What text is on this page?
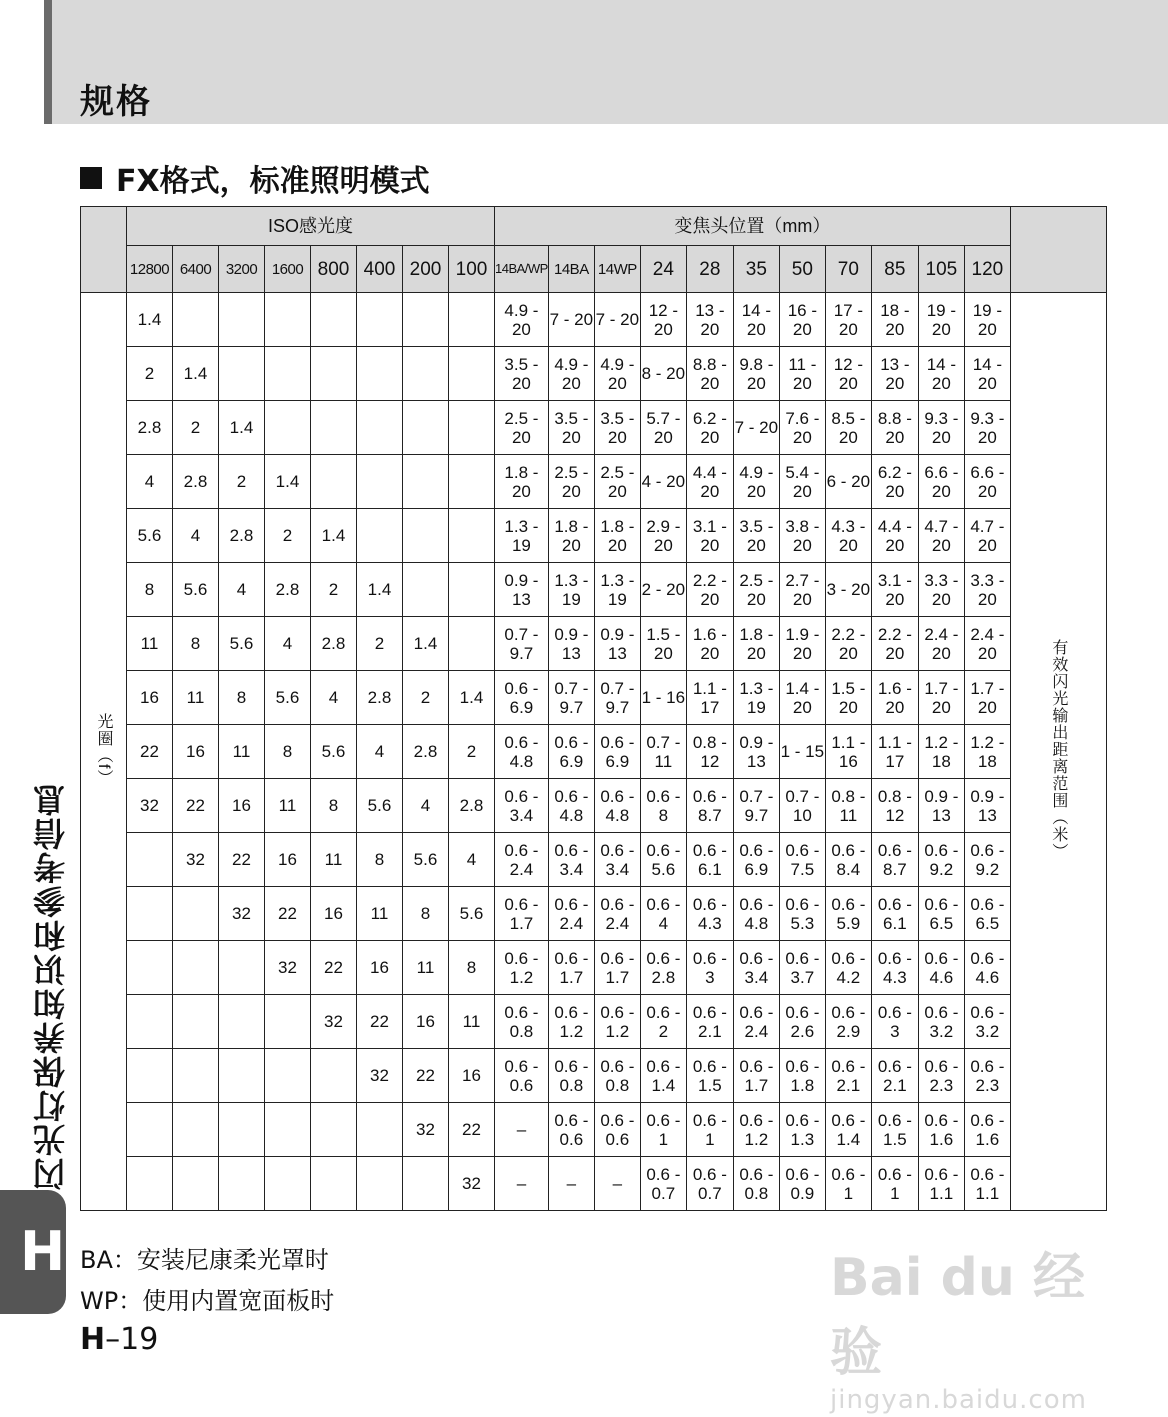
规格
FX格式，标准照明模式
	ISO感光度								变焦头位置（mm）											
	12800	6400	3200	1600	800	400	200	100	14BA/WP	14BA	14WP	24	28	35	50	70	85	105	120	
光圈（f）	1.4								4.9 - 20	7 - 20	7 - 20	12 - 20	13 - 20	14 - 20	16 - 20	17 - 20	18 - 20	19 - 20	19 - 20	有效闪光输出距离范围（米）
	2	1.4							3.5 - 20	4.9 - 20	4.9 - 20	8 - 20	8.8 - 20	9.8 - 20	11 - 20	12 - 20	13 - 20	14 - 20	14 - 20	
	2.8	2	1.4						2.5 - 20	3.5 - 20	3.5 - 20	5.7 - 20	6.2 - 20	7 - 20	7.6 - 20	8.5 - 20	8.8 - 20	9.3 - 20	9.3 - 20	
	4	2.8	2	1.4					1.8 - 20	2.5 - 20	2.5 - 20	4 - 20	4.4 - 20	4.9 - 20	5.4 - 20	6 - 20	6.2 - 20	6.6 - 20	6.6 - 20	
	5.6	4	2.8	2	1.4				1.3 - 19	1.8 - 20	1.8 - 20	2.9 - 20	3.1 - 20	3.5 - 20	3.8 - 20	4.3 - 20	4.4 - 20	4.7 - 20	4.7 - 20	
	8	5.6	4	2.8	2	1.4			0.9 - 13	1.3 - 19	1.3 - 19	2 - 20	2.2 - 20	2.5 - 20	2.7 - 20	3 - 20	3.1 - 20	3.3 - 20	3.3 - 20	
	11	8	5.6	4	2.8	2	1.4		0.7 - 9.7	0.9 - 13	0.9 - 13	1.5 - 20	1.6 - 20	1.8 - 20	1.9 - 20	2.2 - 20	2.2 - 20	2.4 - 20	2.4 - 20	
	16	11	8	5.6	4	2.8	2	1.4	0.6 - 6.9	0.7 - 9.7	0.7 - 9.7	1 - 16	1.1 - 17	1.3 - 19	1.4 - 20	1.5 - 20	1.6 - 20	1.7 - 20	1.7 - 20	
	22	16	11	8	5.6	4	2.8	2	0.6 - 4.8	0.6 - 6.9	0.6 - 6.9	0.7 - 11	0.8 - 12	0.9 - 13	1 - 15	1.1 - 16	1.1 - 17	1.2 - 18	1.2 - 18	
	32	22	16	11	8	5.6	4	2.8	0.6 - 3.4	0.6 - 4.8	0.6 - 4.8	0.6 - 8	0.6 - 8.7	0.7 - 9.7	0.7 - 10	0.8 - 11	0.8 - 12	0.9 - 13	0.9 - 13	
		32	22	16	11	8	5.6	4	0.6 - 2.4	0.6 - 3.4	0.6 - 3.4	0.6 - 5.6	0.6 - 6.1	0.6 - 6.9	0.6 - 7.5	0.6 - 8.4	0.6 - 8.7	0.6 - 9.2	0.6 - 9.2	
			32	22	16	11	8	5.6	0.6 - 1.7	0.6 - 2.4	0.6 - 2.4	0.6 - 4	0.6 - 4.3	0.6 - 4.8	0.6 - 5.3	0.6 - 5.9	0.6 - 6.1	0.6 - 6.5	0.6 - 6.5	
				32	22	16	11	8	0.6 - 1.2	0.6 - 1.7	0.6 - 1.7	0.6 - 2.8	0.6 - 3	0.6 - 3.4	0.6 - 3.7	0.6 - 4.2	0.6 - 4.3	0.6 - 4.6	0.6 - 4.6	
					32	22	16	11	0.6 - 0.8	0.6 - 1.2	0.6 - 1.2	0.6 - 2	0.6 - 2.1	0.6 - 2.4	0.6 - 2.6	0.6 - 2.9	0.6 - 3	0.6 - 3.2	0.6 - 3.2	
						32	22	16	0.6 - 0.6	0.6 - 0.8	0.6 - 0.8	0.6 - 1.4	0.6 - 1.5	0.6 - 1.7	0.6 - 1.8	0.6 - 2.1	0.6 - 2.1	0.6 - 2.3	0.6 - 2.3	
							32	22	–	0.6 - 0.6	0.6 - 0.6	0.6 - 1	0.6 - 1	0.6 - 1.2	0.6 - 1.3	0.6 - 1.4	0.6 - 1.5	0.6 - 1.6	0.6 - 1.6	
								32	–	–	–	0.6 - 0.7	0.6 - 0.7	0.6 - 0.8	0.6 - 0.9	0.6 - 1	0.6 - 1	0.6 - 1.1	0.6 - 1.1	
闪光灯保养知识和参考信息
H BA：安装尼康柔光罩时
WP：使用内置宽面板时
H–19
Bai du 经验
jingyan.baidu.com
